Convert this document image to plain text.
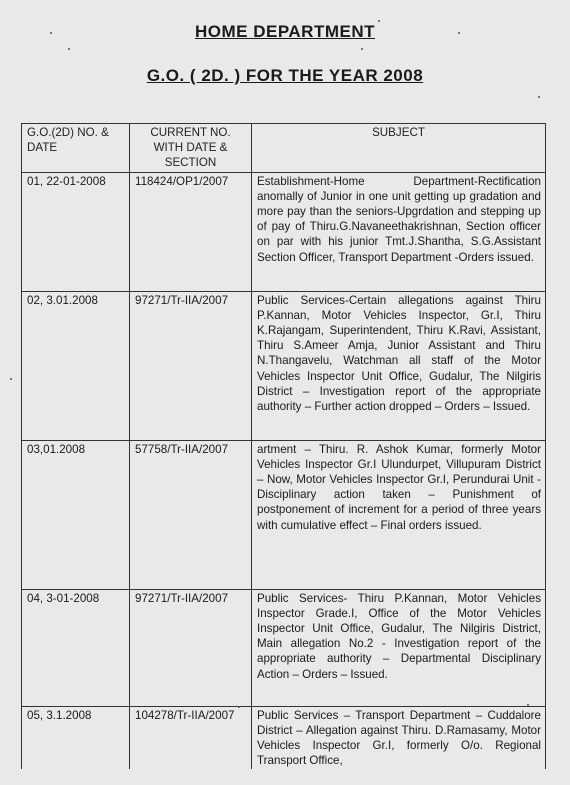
HOME DEPARTMENT
G.O. ( 2D. ) FOR THE YEAR 2008
G.O.(2D) NO. & DATE	CURRENT NO. WITH DATE & SECTION	SUBJECT
01, 22-01-2008	118424/OP1/2007	Establishment-Home Department-Rectification anomally of Junior in one unit getting up gradation and more pay than the seniors-Upgrdation and stepping up of pay of Thiru.G.Navaneethakrishnan, Section officer on par with his junior Tmt.J.Shantha, S.G.Assistant Section Officer, Transport Department -Orders issued.
02, 3.01.2008	97271/Tr-IIA/2007	Public Services-Certain allegations against Thiru P.Kannan, Motor Vehicles Inspector, Gr.I, Thiru K.Rajangam, Superintendent, Thiru K.Ravi, Assistant, Thiru S.Ameer Amja, Junior Assistant and Thiru N.Thangavelu, Watchman all staff of the Motor Vehicles Inspector Unit Office, Gudalur, The Nilgiris District – Investigation report of the appropriate authority – Further action dropped – Orders – Issued.
03,01.2008	57758/Tr-IIA/2007	artment – Thiru. R. Ashok Kumar, formerly Motor Vehicles Inspector Gr.I Ulundurpet, Villupuram District – Now, Motor Vehicles Inspector Gr.I, Perundurai Unit - Disciplinary action taken – Punishment of postponement of increment for a period of three years with cumulative effect – Final orders issued.
04, 3-01-2008	97271/Tr-IIA/2007	Public Services- Thiru P.Kannan, Motor Vehicles Inspector Grade.I, Office of the Motor Vehicles Inspector Unit Office, Gudalur, The Nilgiris District, Main allegation No.2 - Investigation report of the appropriate authority – Departmental Disciplinary Action – Orders – Issued.
05, 3.1.2008	104278/Tr-IIA/2007	Public Services – Transport Department – Cuddalore District – Allegation against Thiru. D.Ramasamy, Motor Vehicles Inspector Gr.I, formerly O/o. Regional Transport Office,
